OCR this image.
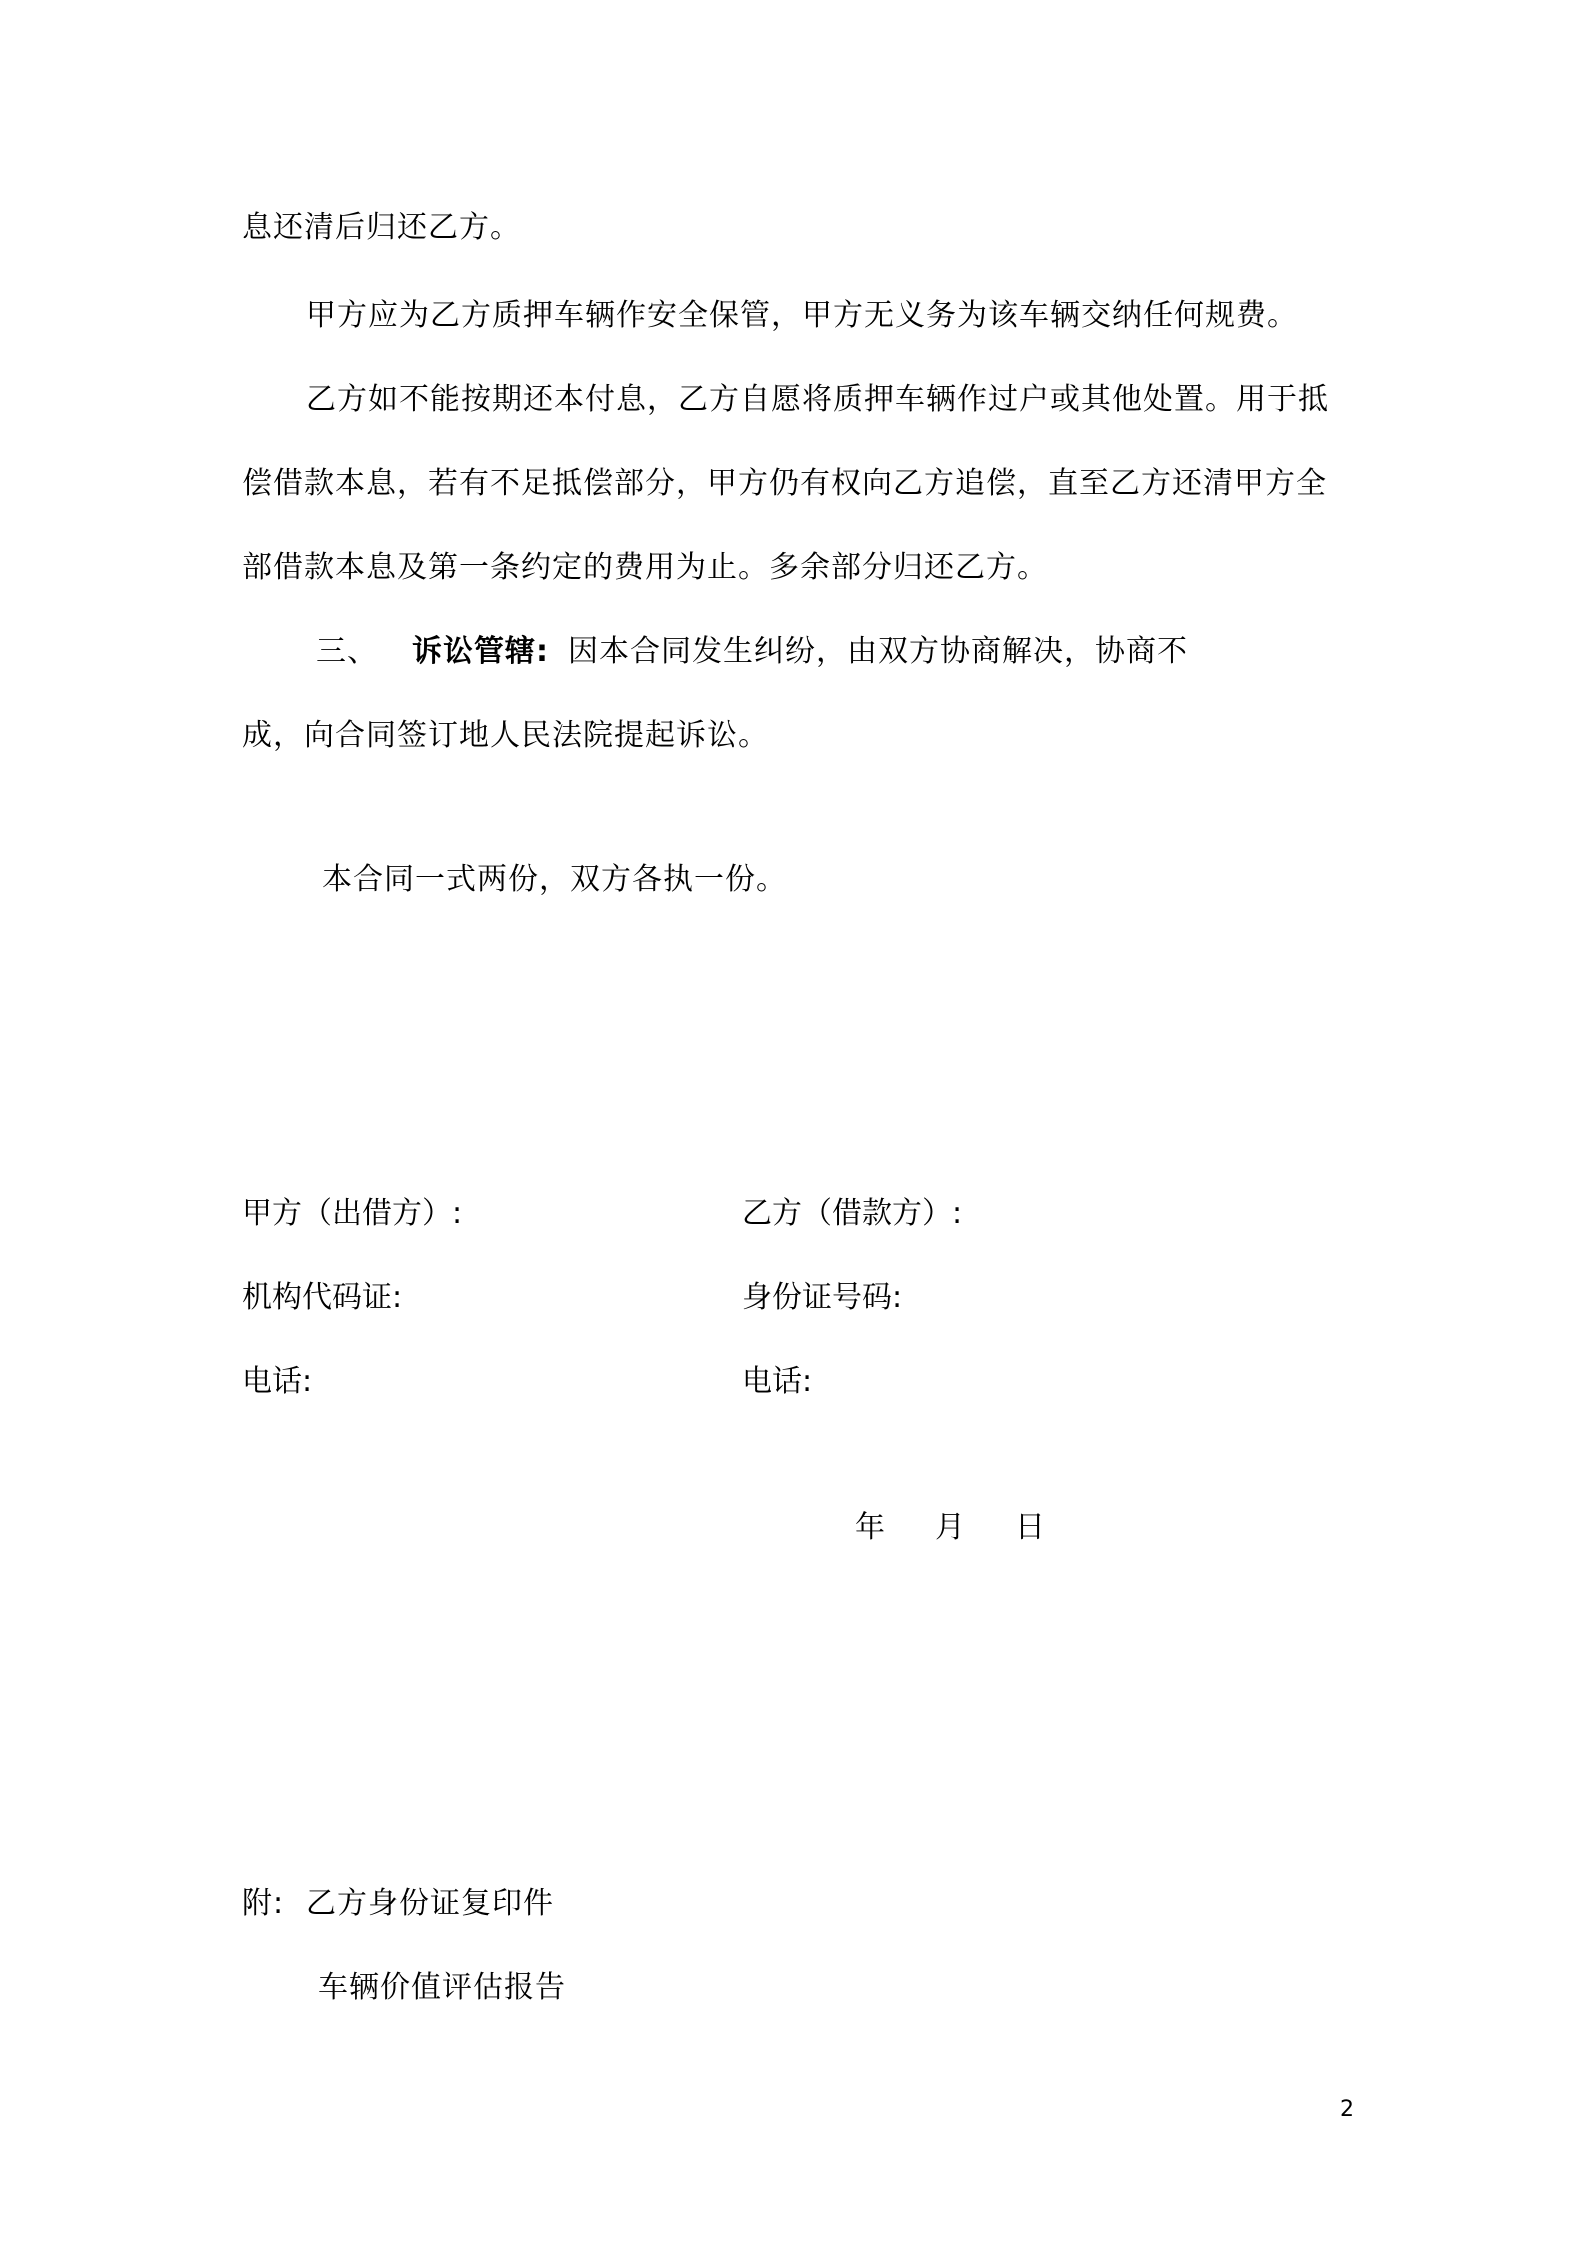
息还清后归还乙方。
甲方应为乙方质押车辆作安全保管，甲方无义务为该车辆交纳任何规费。
乙方如不能按期还本付息，乙方自愿将质押车辆作过户或其他处置。用于抵
偿借款本息，若有不足抵偿部分，甲方仍有权向乙方追偿，直至乙方还清甲方全
部借款本息及第一条约定的费用为止。多余部分归还乙方。
三、 诉讼管辖: 因本合同发生纠纷，由双方协商解决，协商不
成，向合同签订地人民法院提起诉讼。
本合同一式两份，双方各执一份。
甲方（出借方）:	乙方（借款方）:
机构代码证:	身份证号码:
电话:	电话:
年 月 日
附: 乙方身份证复印件
车辆价值评估报告
2
